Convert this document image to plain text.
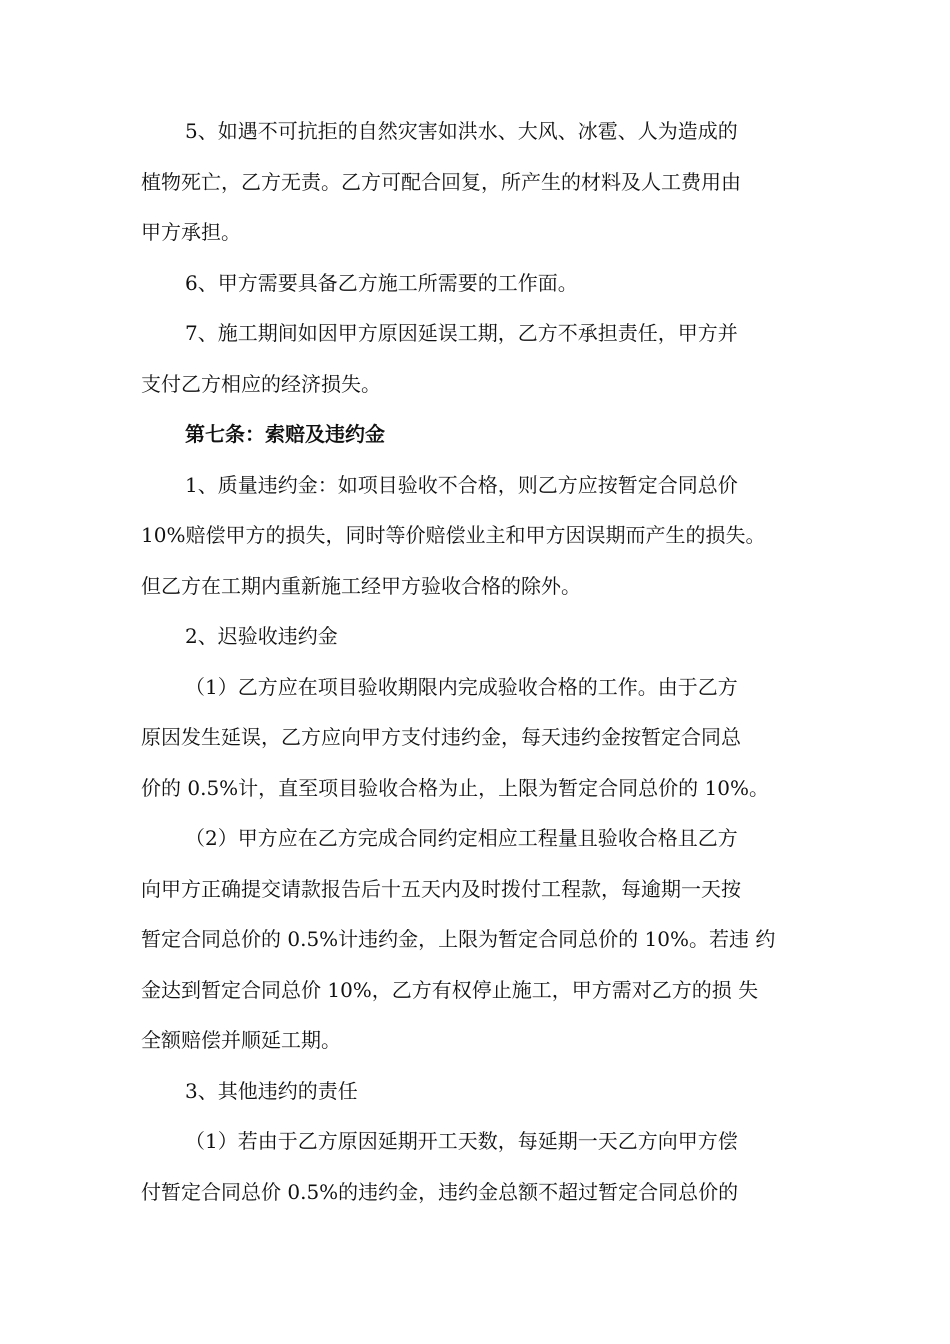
5、如遇不可抗拒的自然灾害如洪水、大风、冰雹、人为造成的
植物死亡，乙方无责。乙方可配合回复，所产生的材料及人工费用由
甲方承担。
6、甲方需要具备乙方施工所需要的工作面。
7、施工期间如因甲方原因延误工期，乙方不承担责任，甲方并
支付乙方相应的经济损失。
第七条：索赔及违约金
1、质量违约金：如项目验收不合格，则乙方应按暂定合同总价
10%赔偿甲方的损失，同时等价赔偿业主和甲方因误期而产生的损失。
但乙方在工期内重新施工经甲方验收合格的除外。
2、迟验收违约金
（1）乙方应在项目验收期限内完成验收合格的工作。由于乙方
原因发生延误，乙方应向甲方支付违约金，每天违约金按暂定合同总
价的 0.5%计，直至项目验收合格为止，上限为暂定合同总价的 10%。
（2）甲方应在乙方完成合同约定相应工程量且验收合格且乙方
向甲方正确提交请款报告后十五天内及时拨付工程款，每逾期一天按
暂定合同总价的 0.5%计违约金，上限为暂定合同总价的 10%。若违 约
金达到暂定合同总价 10%，乙方有权停止施工，甲方需对乙方的损 失
全额赔偿并顺延工期。
3、其他违约的责任
（1）若由于乙方原因延期开工天数，每延期一天乙方向甲方偿
付暂定合同总价 0.5%的违约金，违约金总额不超过暂定合同总价的
